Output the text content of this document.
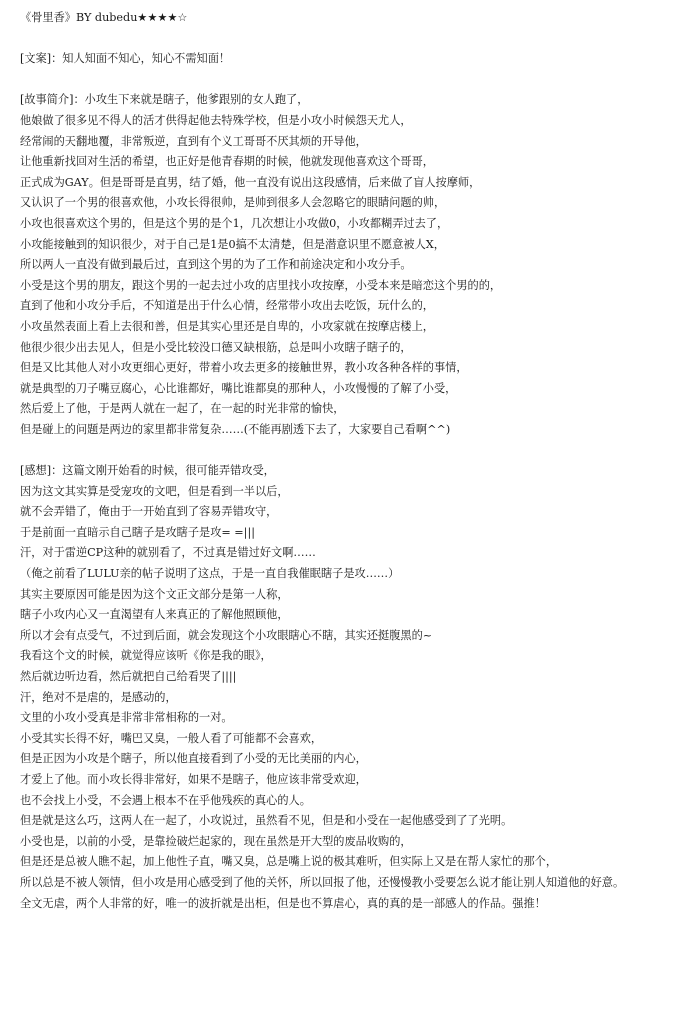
《骨里香》BY dubedu★★★★☆
[文案]：知人知面不知心，知心不需知面！
[故事简介]：小攻生下来就是瞎子，他爹跟别的女人跑了，
他娘做了很多见不得人的活才供得起他去特殊学校，但是小攻小时候怨天尤人，
经常闹的天翻地覆，非常叛逆，直到有个义工哥哥不厌其烦的开导他，
让他重新找回对生活的希望，也正好是他青春期的时候，他就发现他喜欢这个哥哥，
正式成为GAY。但是哥哥是直男，结了婚，他一直没有说出这段感情，后来做了盲人按摩师，
又认识了一个男的很喜欢他，小攻长得很帅，是帅到很多人会忽略它的眼睛问题的帅，
小攻也很喜欢这个男的，但是这个男的是个1，几次想让小攻做0，小攻都糊弄过去了，
小攻能接触到的知识很少，对于自己是1是0搞不太清楚，但是潜意识里不愿意被人X，
所以两人一直没有做到最后过，直到这个男的为了工作和前途决定和小攻分手。
小受是这个男的朋友，跟这个男的一起去过小攻的店里找小攻按摩，小受本来是暗恋这个男的的，
直到了他和小攻分手后，不知道是出于什么心情，经常带小攻出去吃饭，玩什么的，
小攻虽然表面上看上去很和善，但是其实心里还是自卑的，小攻家就在按摩店楼上，
他很少很少出去见人，但是小受比较没口德又缺根筋，总是叫小攻瞎子瞎子的，
但是又比其他人对小攻更细心更好，带着小攻去更多的接触世界，教小攻各种各样的事情，
就是典型的刀子嘴豆腐心，心比谁都好，嘴比谁都臭的那种人，小攻慢慢的了解了小受，
然后爱上了他，于是两人就在一起了，在一起的时光非常的愉快，
但是碰上的问题是两边的家里都非常复杂……(不能再剧透下去了，大家要自己看啊^^)
[感想]：这篇文刚开始看的时候，很可能弄错攻受，
因为这文其实算是受宠攻的文吧，但是看到一半以后，
就不会弄错了，俺由于一开始直到了容易弄错攻守，
于是前面一直暗示自己瞎子是攻瞎子是攻= =|||
汗，对于雷逆CP这种的就别看了，不过真是错过好文啊……
（俺之前看了LULU亲的帖子说明了这点，于是一直自我催眠瞎子是攻……）
其实主要原因可能是因为这个文正文部分是第一人称，
瞎子小攻内心又一直渴望有人来真正的了解他照顾他，
所以才会有点受气，不过到后面，就会发现这个小攻眼瞎心不瞎，其实还挺腹黑的~
我看这个文的时候，就觉得应该听《你是我的眼》，
然后就边听边看，然后就把自己给看哭了||||
汗，绝对不是虐的，是感动的，
文里的小攻小受真是非常非常相称的一对。
小受其实长得不好，嘴巴又臭，一般人看了可能都不会喜欢，
但是正因为小攻是个瞎子，所以他直接看到了小受的无比美丽的内心，
才爱上了他。而小攻长得非常好，如果不是瞎子，他应该非常受欢迎，
也不会找上小受，不会遇上根本不在乎他残疾的真心的人。
但是就是这么巧，这两人在一起了，小攻说过，虽然看不见，但是和小受在一起他感受到了了光明。
小受也是，以前的小受，是靠捡破烂起家的，现在虽然是开大型的废品收购的，
但是还是总被人瞧不起，加上他性子直，嘴又臭，总是嘴上说的极其难听，但实际上又是在帮人家忙的那个，
所以总是不被人领情，但小攻是用心感受到了他的关怀，所以回报了他，还慢慢教小受要怎么说才能让别人知道他的好意。
全文无虐，两个人非常的好，唯一的波折就是出柜，但是也不算虐心，真的真的是一部感人的作品。强推！
